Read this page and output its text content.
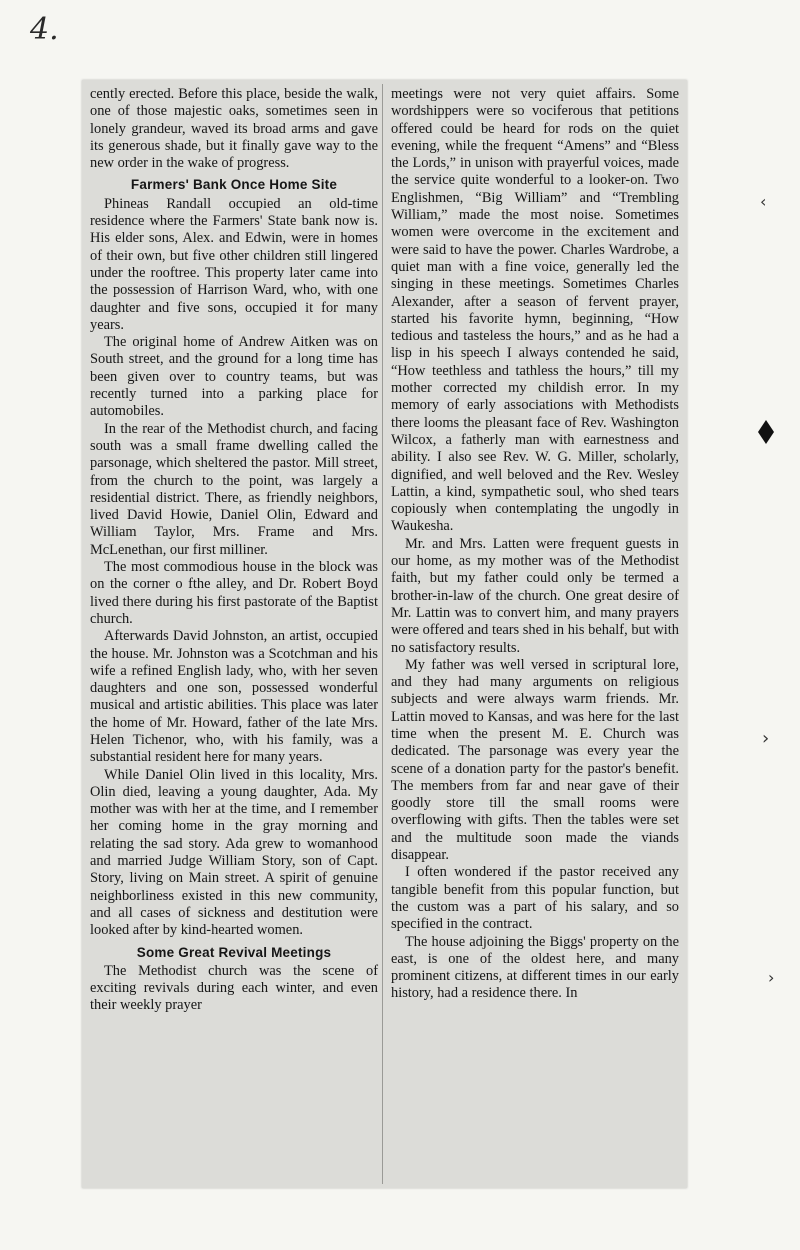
4.

cently erected. Before this place, beside the walk, one of those majestic oaks, sometimes seen in lonely grandeur, waved its broad arms and gave its generous shade, but it finally gave way to the new order in the wake of progress.

Farmers' Bank Once Home Site

Phineas Randall occupied an old-time residence where the Farmers' State bank now is. His elder sons, Alex. and Edwin, were in homes of their own, but five other children still lingered under the rooftree. This property later came into the possession of Harrison Ward, who, with one daughter and five sons, occupied it for many years.

The original home of Andrew Aitken was on South street, and the ground for a long time has been given over to country teams, but was recently turned into a parking place for automobiles.

In the rear of the Methodist church, and facing south was a small frame dwelling called the parsonage, which sheltered the pastor. Mill street, from the church to the point, was largely a residential district. There, as friendly neighbors, lived David Howie, Daniel Olin, Edward and William Taylor, Mrs. Frame and Mrs. McLenethan, our first milliner.

The most commodious house in the block was on the corner o fthe alley, and Dr. Robert Boyd lived there during his first pastorate of the Baptist church.

Afterwards David Johnston, an artist, occupied the house. Mr. Johnston was a Scotchman and his wife a refined English lady, who, with her seven daughters and one son, possessed wonderful musical and artistic abilities. This place was later the home of Mr. Howard, father of the late Mrs. Helen Tichenor, who, with his family, was a substantial resident here for many years.

While Daniel Olin lived in this locality, Mrs. Olin died, leaving a young daughter, Ada. My mother was with her at the time, and I remember her coming home in the gray morning and relating the sad story. Ada grew to womanhood and married Judge William Story, son of Capt. Story, living on Main street. A spirit of genuine neighborliness existed in this new community, and all cases of sickness and destitution were looked after by kind-hearted women.

Some Great Revival Meetings

The Methodist church was the scene of exciting revivals during each winter, and even their weekly prayer

meetings were not very quiet affairs. Some wordshippers were so vociferous that petitions offered could be heard for rods on the quiet evening, while the frequent “Amens” and “Bless the Lords,” in unison with prayerful voices, made the service quite wonderful to a looker-on. Two Englishmen, “Big William” and “Trembling William,” made the most noise. Sometimes women were overcome in the excitement and were said to have the power. Charles Wardrobe, a quiet man with a fine voice, generally led the singing in these meetings. Sometimes Charles Alexander, after a season of fervent prayer, started his favorite hymn, beginning, “How tedious and tasteless the hours,” and as he had a lisp in his speech I always contended he said, “How teethless and tathless the hours,” till my mother corrected my childish error. In my memory of early associations with Methodists there looms the pleasant face of Rev. Washington Wilcox, a fatherly man with earnestness and ability. I also see Rev. W. G. Miller, scholarly, dignified, and well beloved and the Rev. Wesley Lattin, a kind, sympathetic soul, who shed tears copiously when contemplating the ungodly in Waukesha.

Mr. and Mrs. Latten were frequent guests in our home, as my mother was of the Methodist faith, but my father could only be termed a brother-in-law of the church. One great desire of Mr. Lattin was to convert him, and many prayers were offered and tears shed in his behalf, but with no satisfactory results.

My father was well versed in scriptural lore, and they had many arguments on religious subjects and were always warm friends. Mr. Lattin moved to Kansas, and was here for the last time when the present M. E. Church was dedicated. The parsonage was every year the scene of a donation party for the pastor's benefit. The members from far and near gave of their goodly store till the small rooms were overflowing with gifts. Then the tables were set and the multitude soon made the viands disappear.

I often wondered if the pastor received any tangible benefit from this popular function, but the custom was a part of his salary, and so specified in the contract.

The house adjoining the Biggs' property on the east, is one of the oldest here, and many prominent citizens, at different times in our early history, had a residence there. In

‹
›
›
